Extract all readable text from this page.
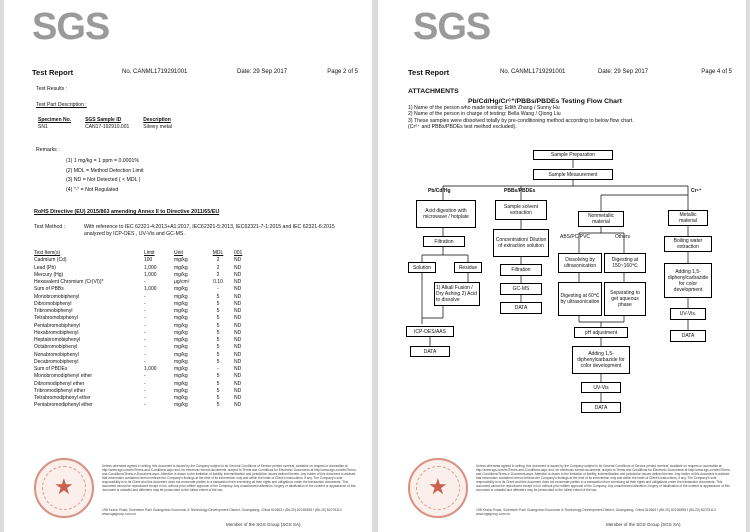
SGS
Test Report	No. CANML1719291001	Date: 29 Sep 2017	Page 2 of 5
Test Results :
Test Part Description :
Specimen No.	SGS Sample ID	Description
SN1	CAN17-192910.001	Silvery metal
Remarks :
(1) 1 mg/kg = 1 ppm = 0.0001%
(2) MDL = Method Detection Limit
(3) ND = Not Detected ( < MDL )
(4) "-" = Not Regulated
RoHS Directive (EU) 2015/863 amending Annex II to Directive 2011/65/EU
Test Method :	With reference to IEC 62321-4:2013+A1:2017, IEC62321-5:2013, IEC62321-7-1:2015 and IEC 62321-6:2015 analyzed by ICP-OES , UV-Vis and GC-MS .
Test Item(s)	Limit	Unit	MDL	001
Cadmium (Cd)	100	mg/kg	2	ND
Lead (Pb)	1,000	mg/kg	2	ND
Mercury (Hg)	1,000	mg/kg	2	ND
Hexavalent Chromium (Cr(VI))*	-	µg/cm²	0.10	ND
Sum of PBBs	1,000	mg/kg	-	ND
Monobromobiphenyl	-	mg/kg	5	ND
Dibromobiphenyl	-	mg/kg	5	ND
Tribromobiphenyl	-	mg/kg	5	ND
Tetrabromobiphenyl	-	mg/kg	5	ND
Pentabromobiphenyl	-	mg/kg	5	ND
Hexabromobiphenyl	-	mg/kg	5	ND
Heptabromobiphenyl	-	mg/kg	5	ND
Octabromobiphenyl	-	mg/kg	5	ND
Nonabromobiphenyl	-	mg/kg	5	ND
Decabromobiphenyl	-	mg/kg	5	ND
Sum of PBDEs	1,000	mg/kg	-	ND
Monobromodiphenyl ether	-	mg/kg	5	ND
Dibromodiphenyl ether	-	mg/kg	5	ND
Tribromodiphenyl ether	-	mg/kg	5	ND
Tetrabromodiphenyl ether	-	mg/kg	5	ND
Pentabromodiphenyl ether	-	mg/kg	5	ND
★
Unless otherwise agreed in writing, this document is issued by the Company subject to its General Conditions of Service printed overleaf, available on request or accessible at http://www.sgs.com/en/Terms-and-Conditions.aspx and, for electronic format documents, subject to Terms and Conditions for Electronic Documents at http://www.sgs.com/en/Terms-and-Conditions/Terms-e-Document.aspx. Attention is drawn to the limitation of liability, indemnification and jurisdiction issues defined therein. Any holder of this document is advised that information contained hereon reflects the Company's findings at the time of its intervention only and within the limits of Client's instructions, if any. The Company's sole responsibility is to its Client and this document does not exonerate parties to a transaction from exercising all their rights and obligations under the transaction documents. This document cannot be reproduced except in full, without prior written approval of the Company. Any unauthorized alteration, forgery or falsification of the content or appearance of this document is unlawful and offenders may be prosecuted to the fullest extent of the law.
198 Kezhu Road, Scientech Park Guangzhou Economic & Technology Development District, Guangdong, China 510663 t (86-20) 82155555 f (86-20) 82075113 www.sgsgroup.com.cn
Member of the SGS Group (SGS SA)
SGS
Test Report	No. CANML1719291001	Date: 29 Sep 2017	Page 4 of 5
ATTACHMENTS
Pb/Cd/Hg/Cr⁶⁺/PBBs/PBDEs Testing Flow Chart
1) Name of the person who made testing: Edith Zhang / Sunny Hu
2) Name of the person in charge of testing: Bella Wang / Qiong Liu
3) These samples were dissolved totally by pre-conditioning method according to below flow chart.
(Cr⁶⁺ and PBBs/PBDEs test method excluded).
Sample Preparation
Sample Measurement
Pb/Cd/Hg	PBBs/PBDEs	Cr⁶⁺
Acid digestion with microwave / hotplate
Filtration
Solution	Residue
1) Alkali Fusion / Dry Ashing 2) Acid to dissolve
ICP-OES/AAS
DATA
Sample solvent extraction
Concentration/ Dilution of extraction solution
Filtration
GC-MS
DATA
Nonmetallic material
ABS/PC/PVC	Others
Dissolving by ultrasonication
Digesting at 150~160℃
Digesting at 60℃ by ultrasonication
Separating to get aqueous phase
pH adjustment
Adding 1,5-diphenylcarbazide for color development
UV-Vis
DATA
Metallic material
Boiling water extraction
Adding 1,5-diphenylcarbazide for color development
UV-Vis.
DATA
★
Unless otherwise agreed in writing, this document is issued by the Company subject to its General Conditions of Service printed overleaf, available on request or accessible at http://www.sgs.com/en/Terms-and-Conditions.aspx and, for electronic format documents, subject to Terms and Conditions for Electronic Documents at http://www.sgs.com/en/Terms-and-Conditions/Terms-e-Document.aspx. Attention is drawn to the limitation of liability, indemnification and jurisdiction issues defined therein. Any holder of this document is advised that information contained hereon reflects the Company's findings at the time of its intervention only and within the limits of Client's instructions, if any. The Company's sole responsibility is to its Client and this document does not exonerate parties to a transaction from exercising all their rights and obligations under the transaction documents. This document cannot be reproduced except in full, without prior written approval of the Company. Any unauthorized alteration, forgery or falsification of the content or appearance of this document is unlawful and offenders may be prosecuted to the fullest extent of the law.
198 Kezhu Road, Scientech Park Guangzhou Economic & Technology Development District, Guangdong, China 510663 t (86-20) 82155555 f (86-20) 82075113 www.sgsgroup.com.cn
Member of the SGS Group (SGS SA)
